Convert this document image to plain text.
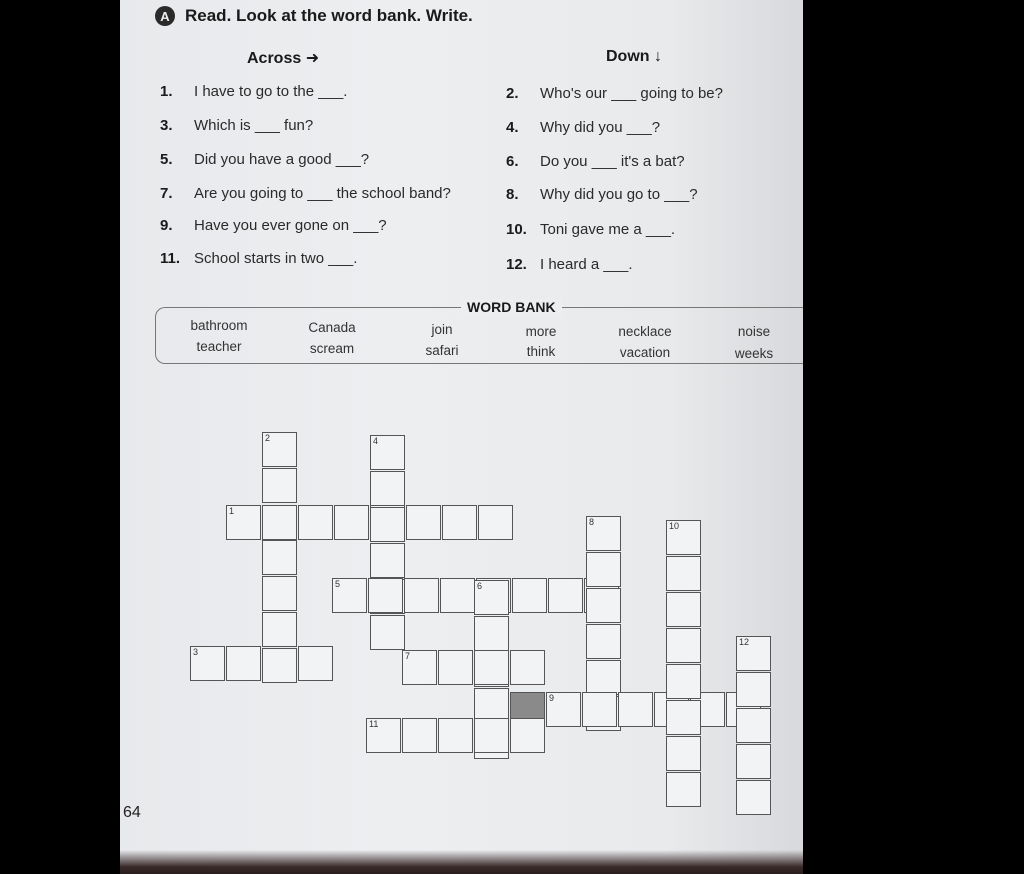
A Read. Look at the word bank. Write.
Across ➜	Down ↓
1. I have to go to the ___.
3. Which is ___ fun?
5. Did you have a good ___?
7. Are you going to ___ the school band?
9. Have you ever gone on ___?
11. School starts in two ___.
2. Who's our ___ going to be?
4. Why did you ___?
6. Do you ___ it's a bat?
8. Why did you go to ___?
10. Toni gave me a ___.
12. I heard a ___.
WORD BANK
bathroom	Canada	join	more	necklace	noise
teacher	scream	safari	think	vacation	weeks
1
2
3
4
5	6
7
8
9
10
11
12
64
